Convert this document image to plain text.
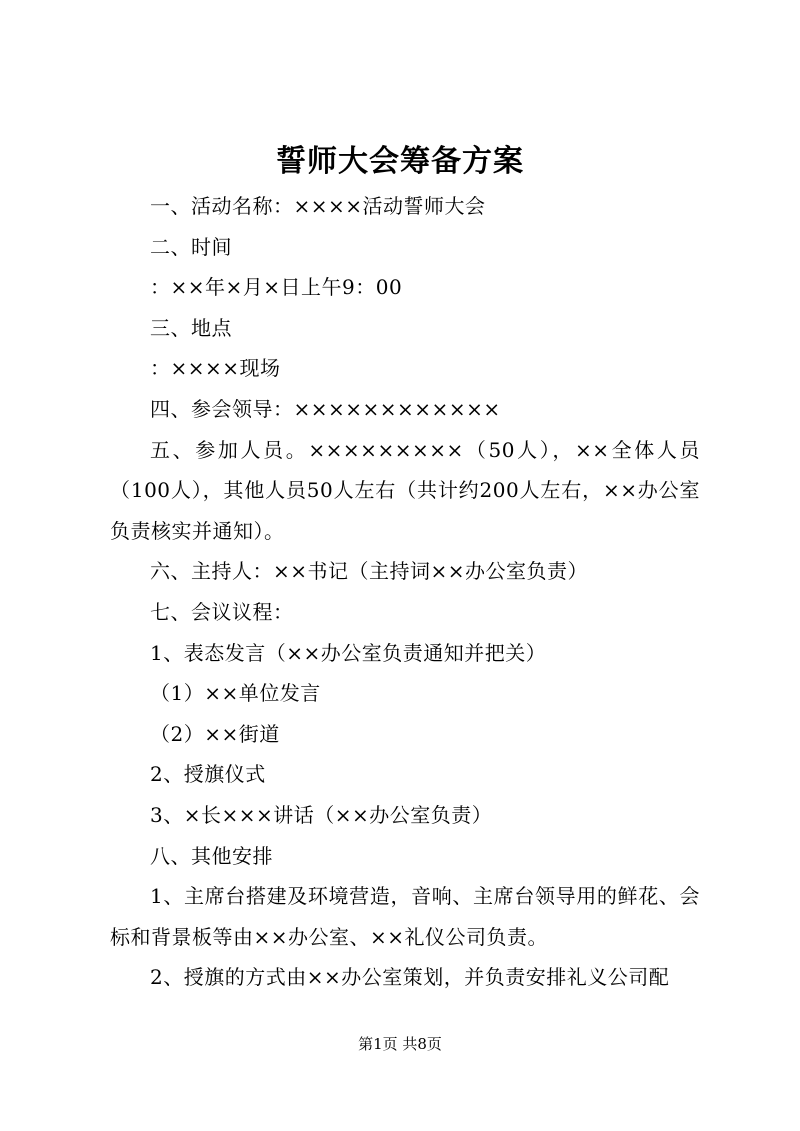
誓师大会筹备方案

一、活动名称：××××活动誓师大会

二、时间

：××年×月×日上午9：00

三、地点

：××××现场

四、参会领导：××××××××××××

五、参加人员。×××××××××（50人），××全体人员（100人），其他人员50人左右（共计约200人左右，××办公室负责核实并通知）。

六、主持人：××书记（主持词××办公室负责）

七、会议议程：

1、表态发言（××办公室负责通知并把关）

（1）××单位发言

（2）××街道

2、授旗仪式

3、×长×××讲话（××办公室负责）

八、其他安排

1、主席台搭建及环境营造，音响、主席台领导用的鲜花、会标和背景板等由××办公室、××礼仪公司负责。

2、授旗的方式由××办公室策划，并负责安排礼义公司配

第1页 共8页
